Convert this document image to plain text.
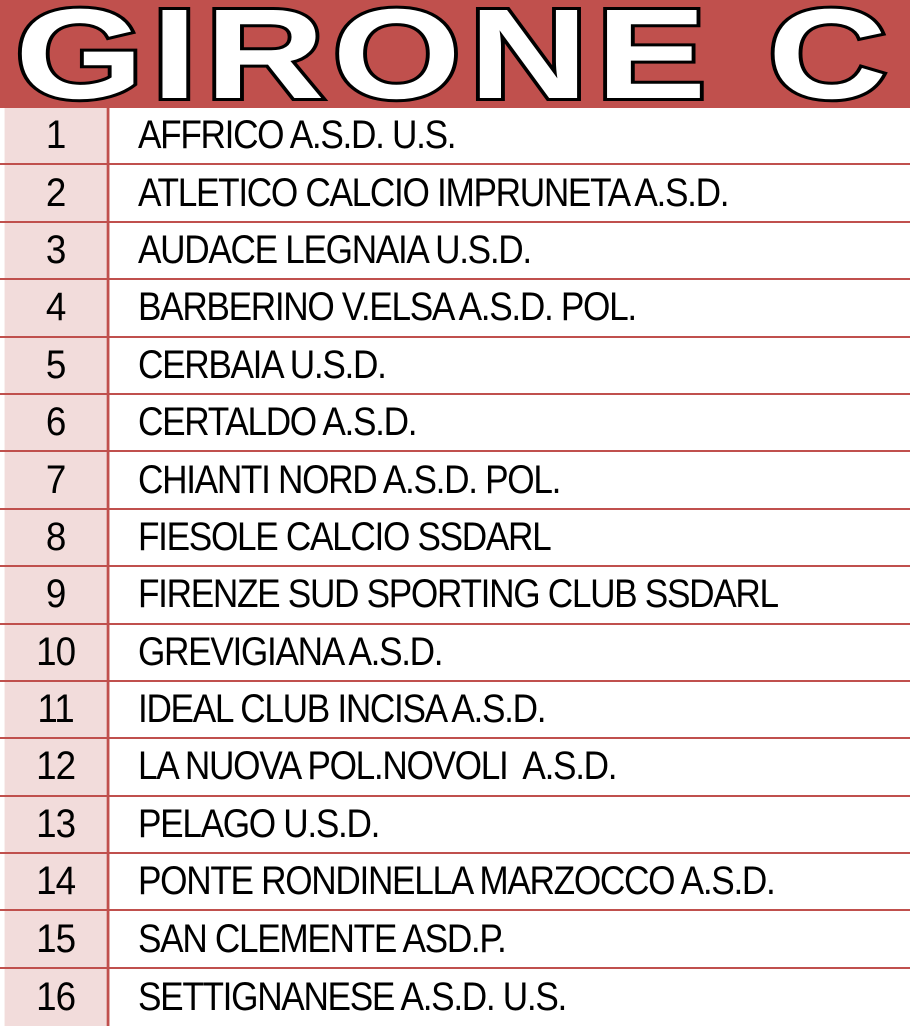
GIRONE C
1 AFFRICO A.S.D. U.S.
2 ATLETICO CALCIO IMPRUNETA A.S.D.
3 AUDACE LEGNAIA U.S.D.
4 BARBERINO V.ELSA A.S.D. POL.
5 CERBAIA U.S.D.
6 CERTALDO A.S.D.
7 CHIANTI NORD A.S.D. POL.
8 FIESOLE CALCIO SSDARL
9 FIRENZE SUD SPORTING CLUB SSDARL
10 GREVIGIANA A.S.D.
11 IDEAL CLUB INCISA A.S.D.
12 LA NUOVA POL.NOVOLI  A.S.D.
13 PELAGO U.S.D.
14 PONTE RONDINELLA MARZOCCO A.S.D.
15 SAN CLEMENTE ASD.P.
16 SETTIGNANESE A.S.D. U.S.
